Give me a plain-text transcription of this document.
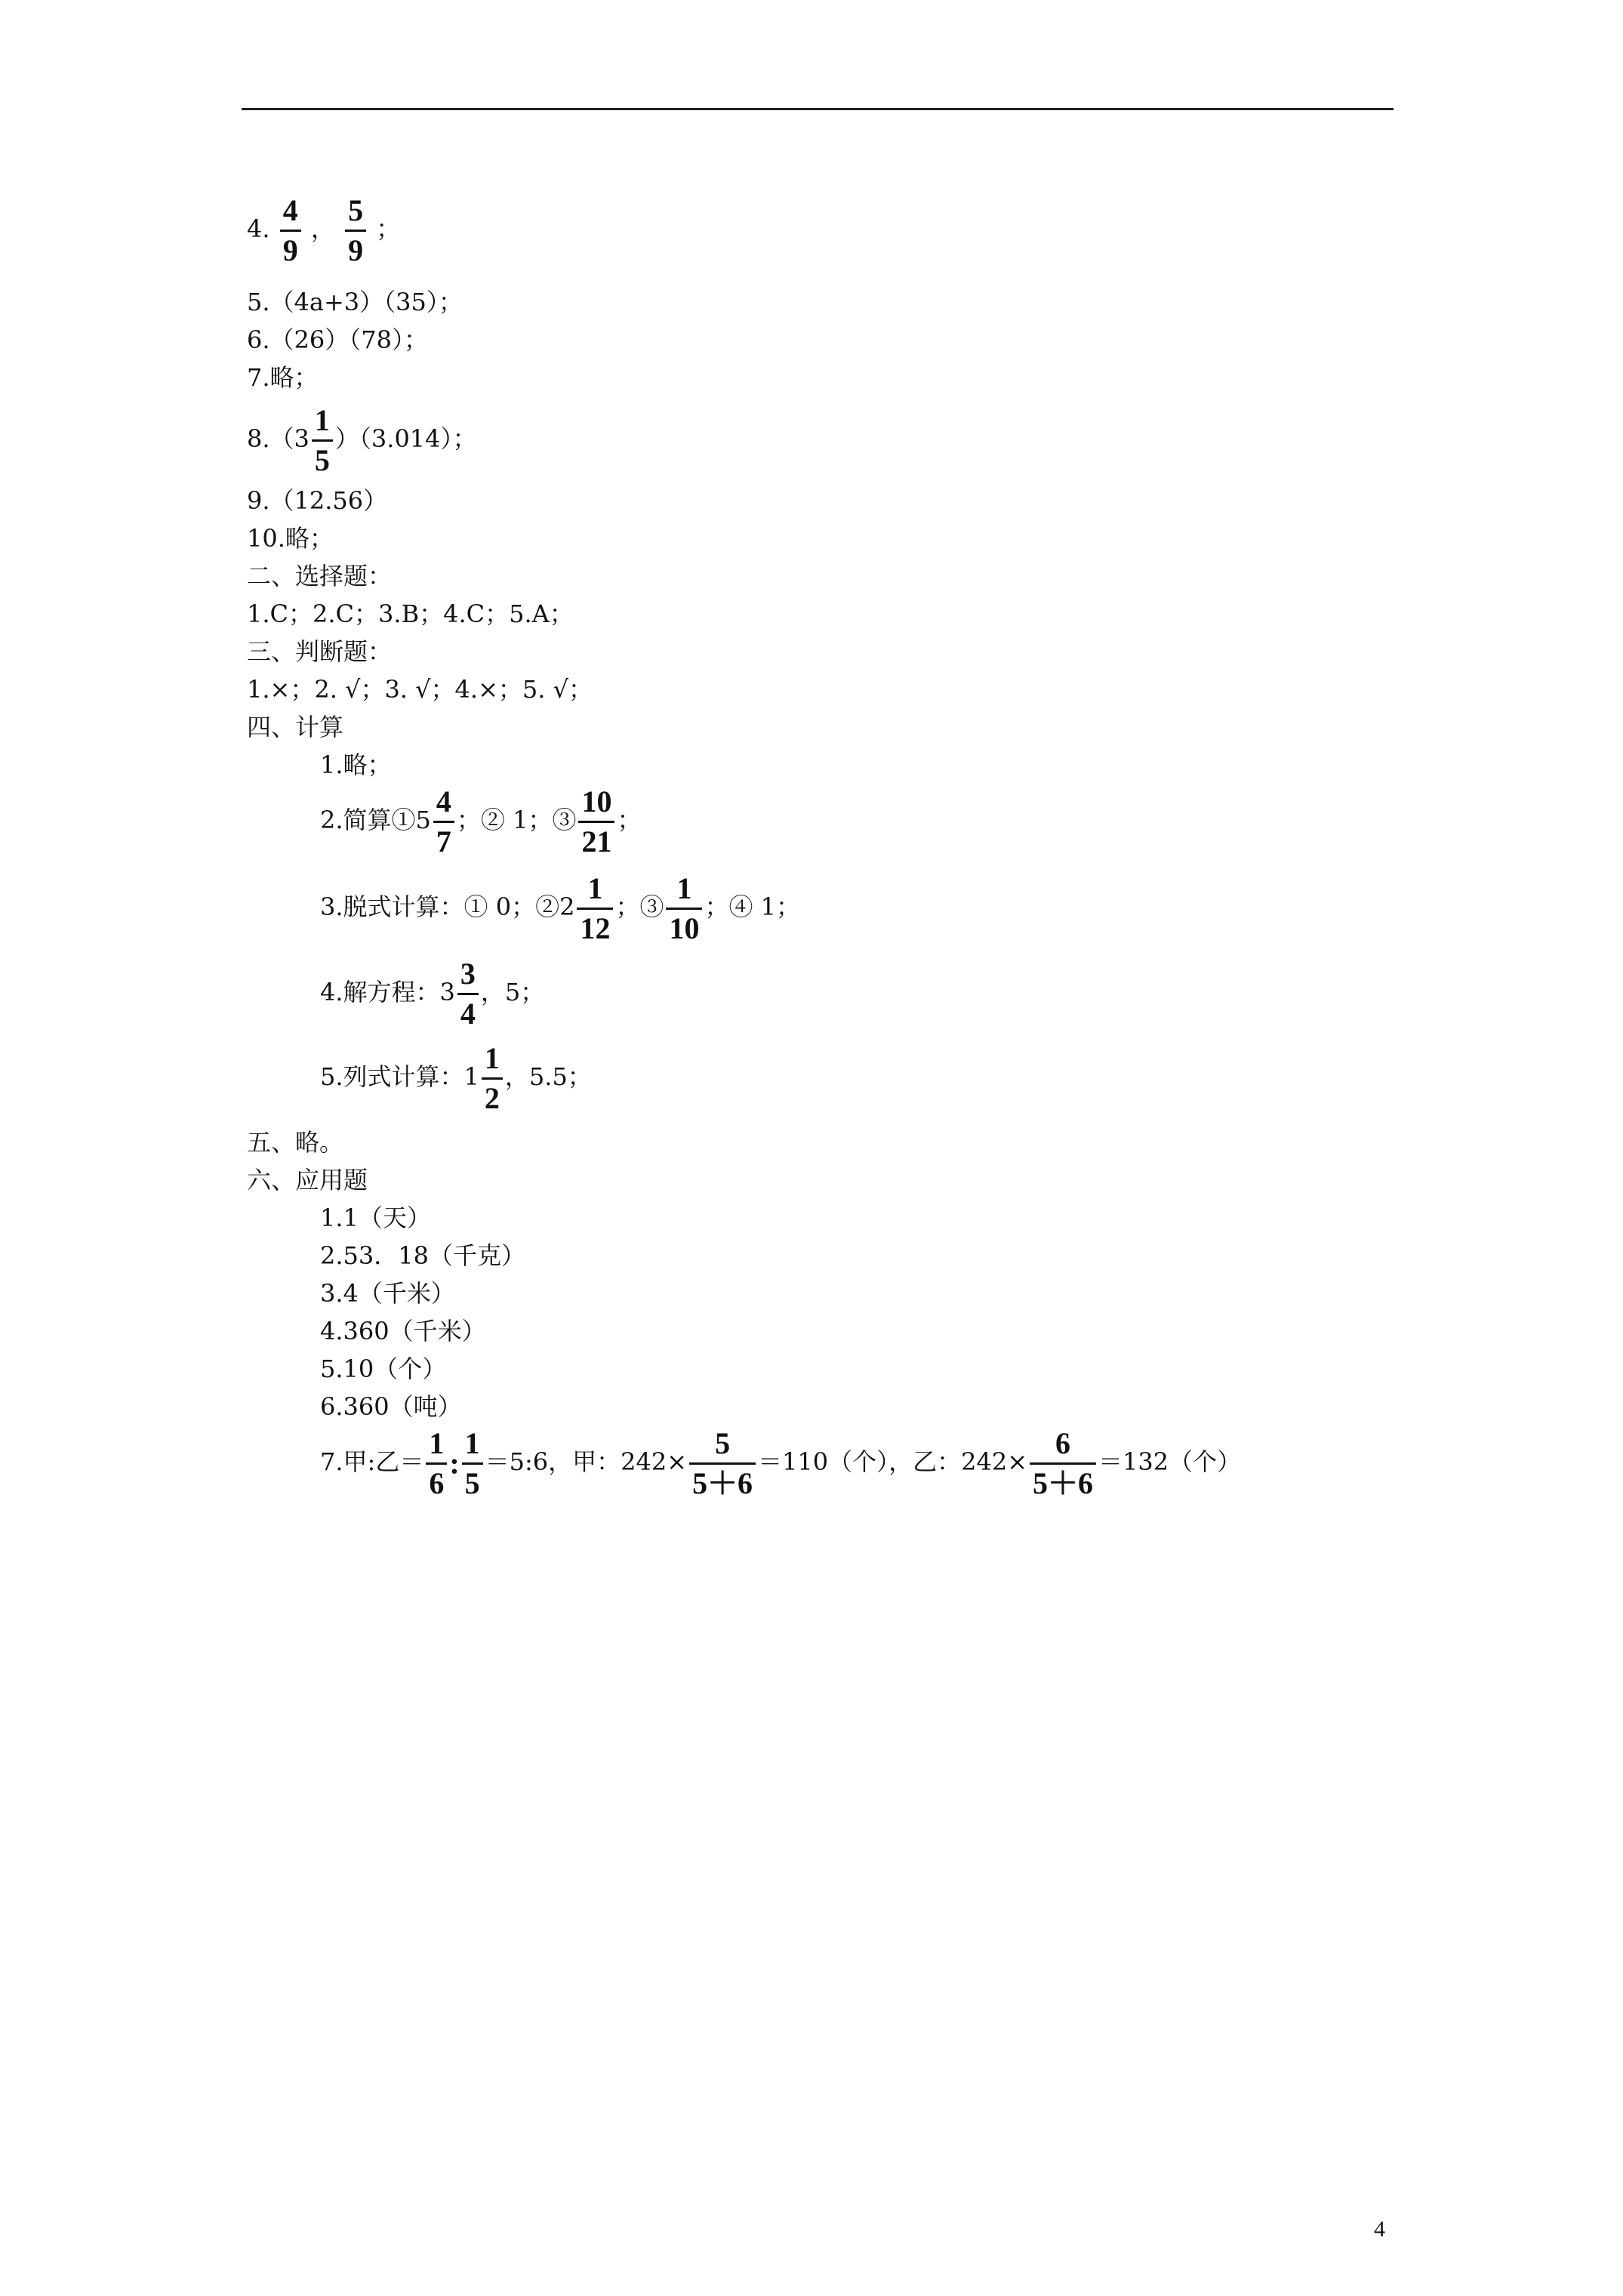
4. $\frac{4}{9}$ ， $\frac{5}{9}$ ；
5.（4a+3）（35）；
6.（26）（78）；
7.略；
$8.(3 \frac{1}{5} )(3.014)$；
9.（12.56）
10.略；
二、选择题：
1.C；2.C；3.B；4.C；5.A；
三、判断题：
1.×；2. √；3. √；4.×；5. √；
四、计算
1.略；
2.简算①5 $\frac{4}{7}$ ；② 1；③ $\frac{10}{21}$ ；
3.脱式计算：① 0；②2 $\frac{1}{12}$ ；③ $\frac{1}{10}$ ；④ 1；
4.解方程：$3 \frac{3}{4}$ ，5；
5.列式计算：$1 \frac{1}{2}$ ，5.5；
五、略。
六、应用题
1.1（天）
2.53．18（千克）
3.4（千米）
4.360（千米）
5.10（个）
6.360（吨）
7.甲:乙＝ $\frac{1}{6}$ : $\frac{1}{5}$ ＝5:6，甲：$242\times \frac{5}{5+6} =110$（个），乙：$242\times \frac{6}{5+6} =132$（个）
4
